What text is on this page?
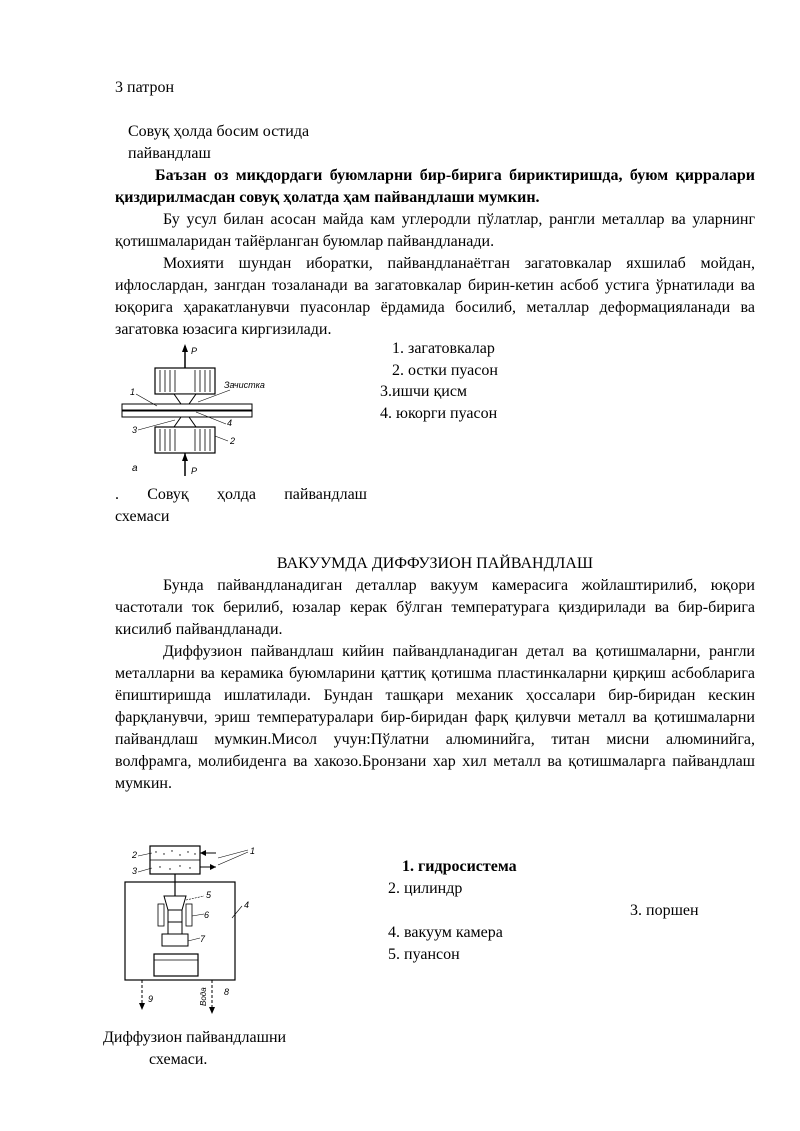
3 патрон
Совуқ ҳолда босим остида
пайвандлаш
Баъзан оз миқдордаги буюмларни бир-бирига бириктиришда, буюм қирралари қиздирилмасдан совуқ ҳолатда ҳам пайвандлаши мумкин.
Бу усул билан асосан майда кам углеродли пўлатлар, рангли металлар ва уларнинг қотишмаларидан тайёрланган буюмлар пайвандланади.
Мохияти шундан иборатки, пайвандланаётган загатовкалар яхшилаб мойдан, ифлослардан, зангдан тозаланади ва загатовкалар бирин-кетин асбоб устига ўрнатилади ва юқорига ҳаракатланувчи пуасонлар ёрдамида босилиб, металлар деформацияланади ва загатовка юзасига киргизилади.
P
P
Зачистка
1
3
4
2
a
1. загатовкалар
2. остки пуасон
3.ишчи қисм
4. юкорги пуасон
. Совуқ ҳолда пайвандлаш схемаси
ВАКУУМДА ДИФФУЗИОН ПАЙВАНДЛАШ
Бунда пайвандланадиган деталлар вакуум камерасига жойлаштирилиб, юқори частотали ток берилиб, юзалар керак бўлган температурага қиздирилади ва бир-бирига кисилиб пайвандланади.
Диффузион пайвандлаш кийин пайвандланадиган детал ва қотишмаларни, рангли металларни ва керамика буюмларини қаттиқ қотишма пластинкаларни қирқиш асбобларига ёпиштиришда ишлатилади. Бундан ташқари механик ҳоссалари бир-биридан кескин фарқланувчи, эриш температуралари бир-биридан фарқ қилувчи металл ва қотишмаларни пайвандлаш мумкин.Мисол учун:Пўлатни алюминийга, титан мисни алюминийга, волфрамга, молибиденга ва хакозо.Бронзани хар хил металл ва қотишмаларга пайвандлаш мумкин.
1
2
3
4
5
6
7
9
8
Вода
1. гидросистема
2. цилиндр
3. поршен
4. вакуум камера
5. пуансон
Диффузион пайвандлашни
схемаси.
